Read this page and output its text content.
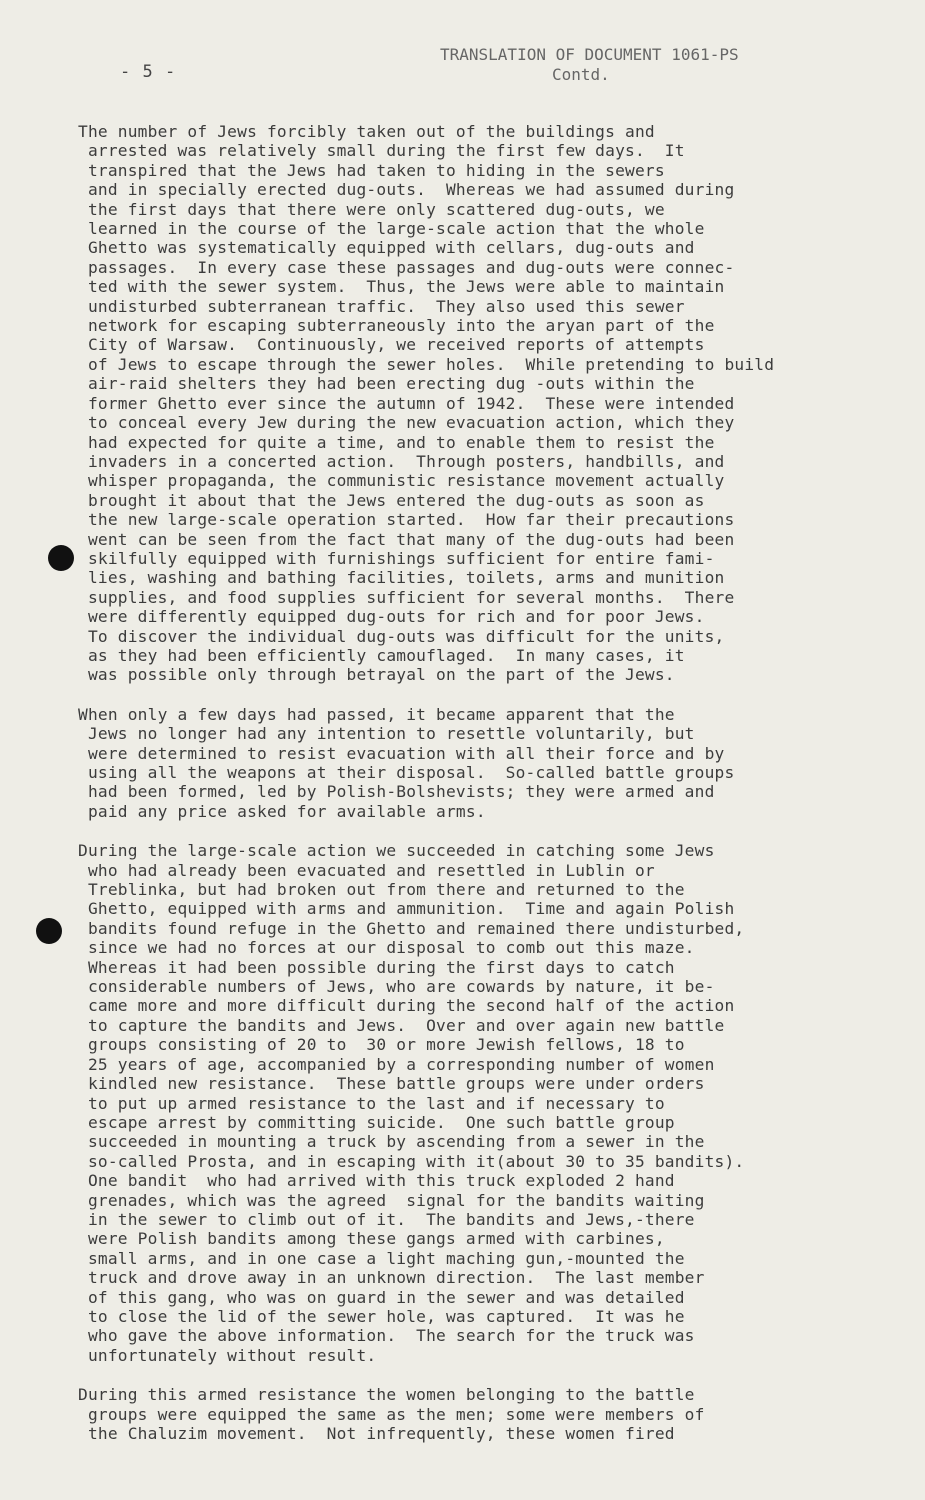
- 5 -
TRANSLATION OF DOCUMENT 1061-PS
Contd.

The number of Jews forcibly taken out of the buildings and
arrested was relatively small during the first few days.  It
transpired that the Jews had taken to hiding in the sewers
and in specially erected dug-outs.  Whereas we had assumed during
the first days that there were only scattered dug-outs, we
learned in the course of the large-scale action that the whole
Ghetto was systematically equipped with cellars, dug-outs and
passages.  In every case these passages and dug-outs were connec-
ted with the sewer system.  Thus, the Jews were able to maintain
undisturbed subterranean traffic.  They also used this sewer
network for escaping subterraneously into the aryan part of the
City of Warsaw.  Continuously, we received reports of attempts
of Jews to escape through the sewer holes.  While pretending to build
air-raid shelters they had been erecting dug -outs within the
former Ghetto ever since the autumn of 1942.  These were intended
to conceal every Jew during the new evacuation action, which they
had expected for quite a time, and to enable them to resist the
invaders in a concerted action.  Through posters, handbills, and
whisper propaganda, the communistic resistance movement actually
brought it about that the Jews entered the dug-outs as soon as
the new large-scale operation started.  How far their precautions
went can be seen from the fact that many of the dug-outs had been
skilfully equipped with furnishings sufficient for entire fami-
lies, washing and bathing facilities, toilets, arms and munition
supplies, and food supplies sufficient for several months.  There
were differently equipped dug-outs for rich and for poor Jews.
To discover the individual dug-outs was difficult for the units,
as they had been efficiently camouflaged.  In many cases, it
was possible only through betrayal on the part of the Jews.

When only a few days had passed, it became apparent that the
Jews no longer had any intention to resettle voluntarily, but
were determined to resist evacuation with all their force and by
using all the weapons at their disposal.  So-called battle groups
had been formed, led by Polish-Bolshevists; they were armed and
paid any price asked for available arms.

During the large-scale action we succeeded in catching some Jews
who had already been evacuated and resettled in Lublin or
Treblinka, but had broken out from there and returned to the
Ghetto, equipped with arms and ammunition.  Time and again Polish
bandits found refuge in the Ghetto and remained there undisturbed,
since we had no forces at our disposal to comb out this maze.
Whereas it had been possible during the first days to catch
considerable numbers of Jews, who are cowards by nature, it be-
came more and more difficult during the second half of the action
to capture the bandits and Jews.  Over and over again new battle
groups consisting of 20 to  30 or more Jewish fellows, 18 to
25 years of age, accompanied by a corresponding number of women
kindled new resistance.  These battle groups were under orders
to put up armed resistance to the last and if necessary to
escape arrest by committing suicide.  One such battle group
succeeded in mounting a truck by ascending from a sewer in the
so-called Prosta, and in escaping with it(about 30 to 35 bandits).
One bandit  who had arrived with this truck exploded 2 hand
grenades, which was the agreed  signal for the bandits waiting
in the sewer to climb out of it.  The bandits and Jews,-there
were Polish bandits among these gangs armed with carbines,
small arms, and in one case a light maching gun,-mounted the
truck and drove away in an unknown direction.  The last member
of this gang, who was on guard in the sewer and was detailed
to close the lid of the sewer hole, was captured.  It was he
who gave the above information.  The search for the truck was
unfortunately without result.

During this armed resistance the women belonging to the battle
groups were equipped the same as the men; some were members of
the Chaluzim movement.  Not infrequently, these women fired
